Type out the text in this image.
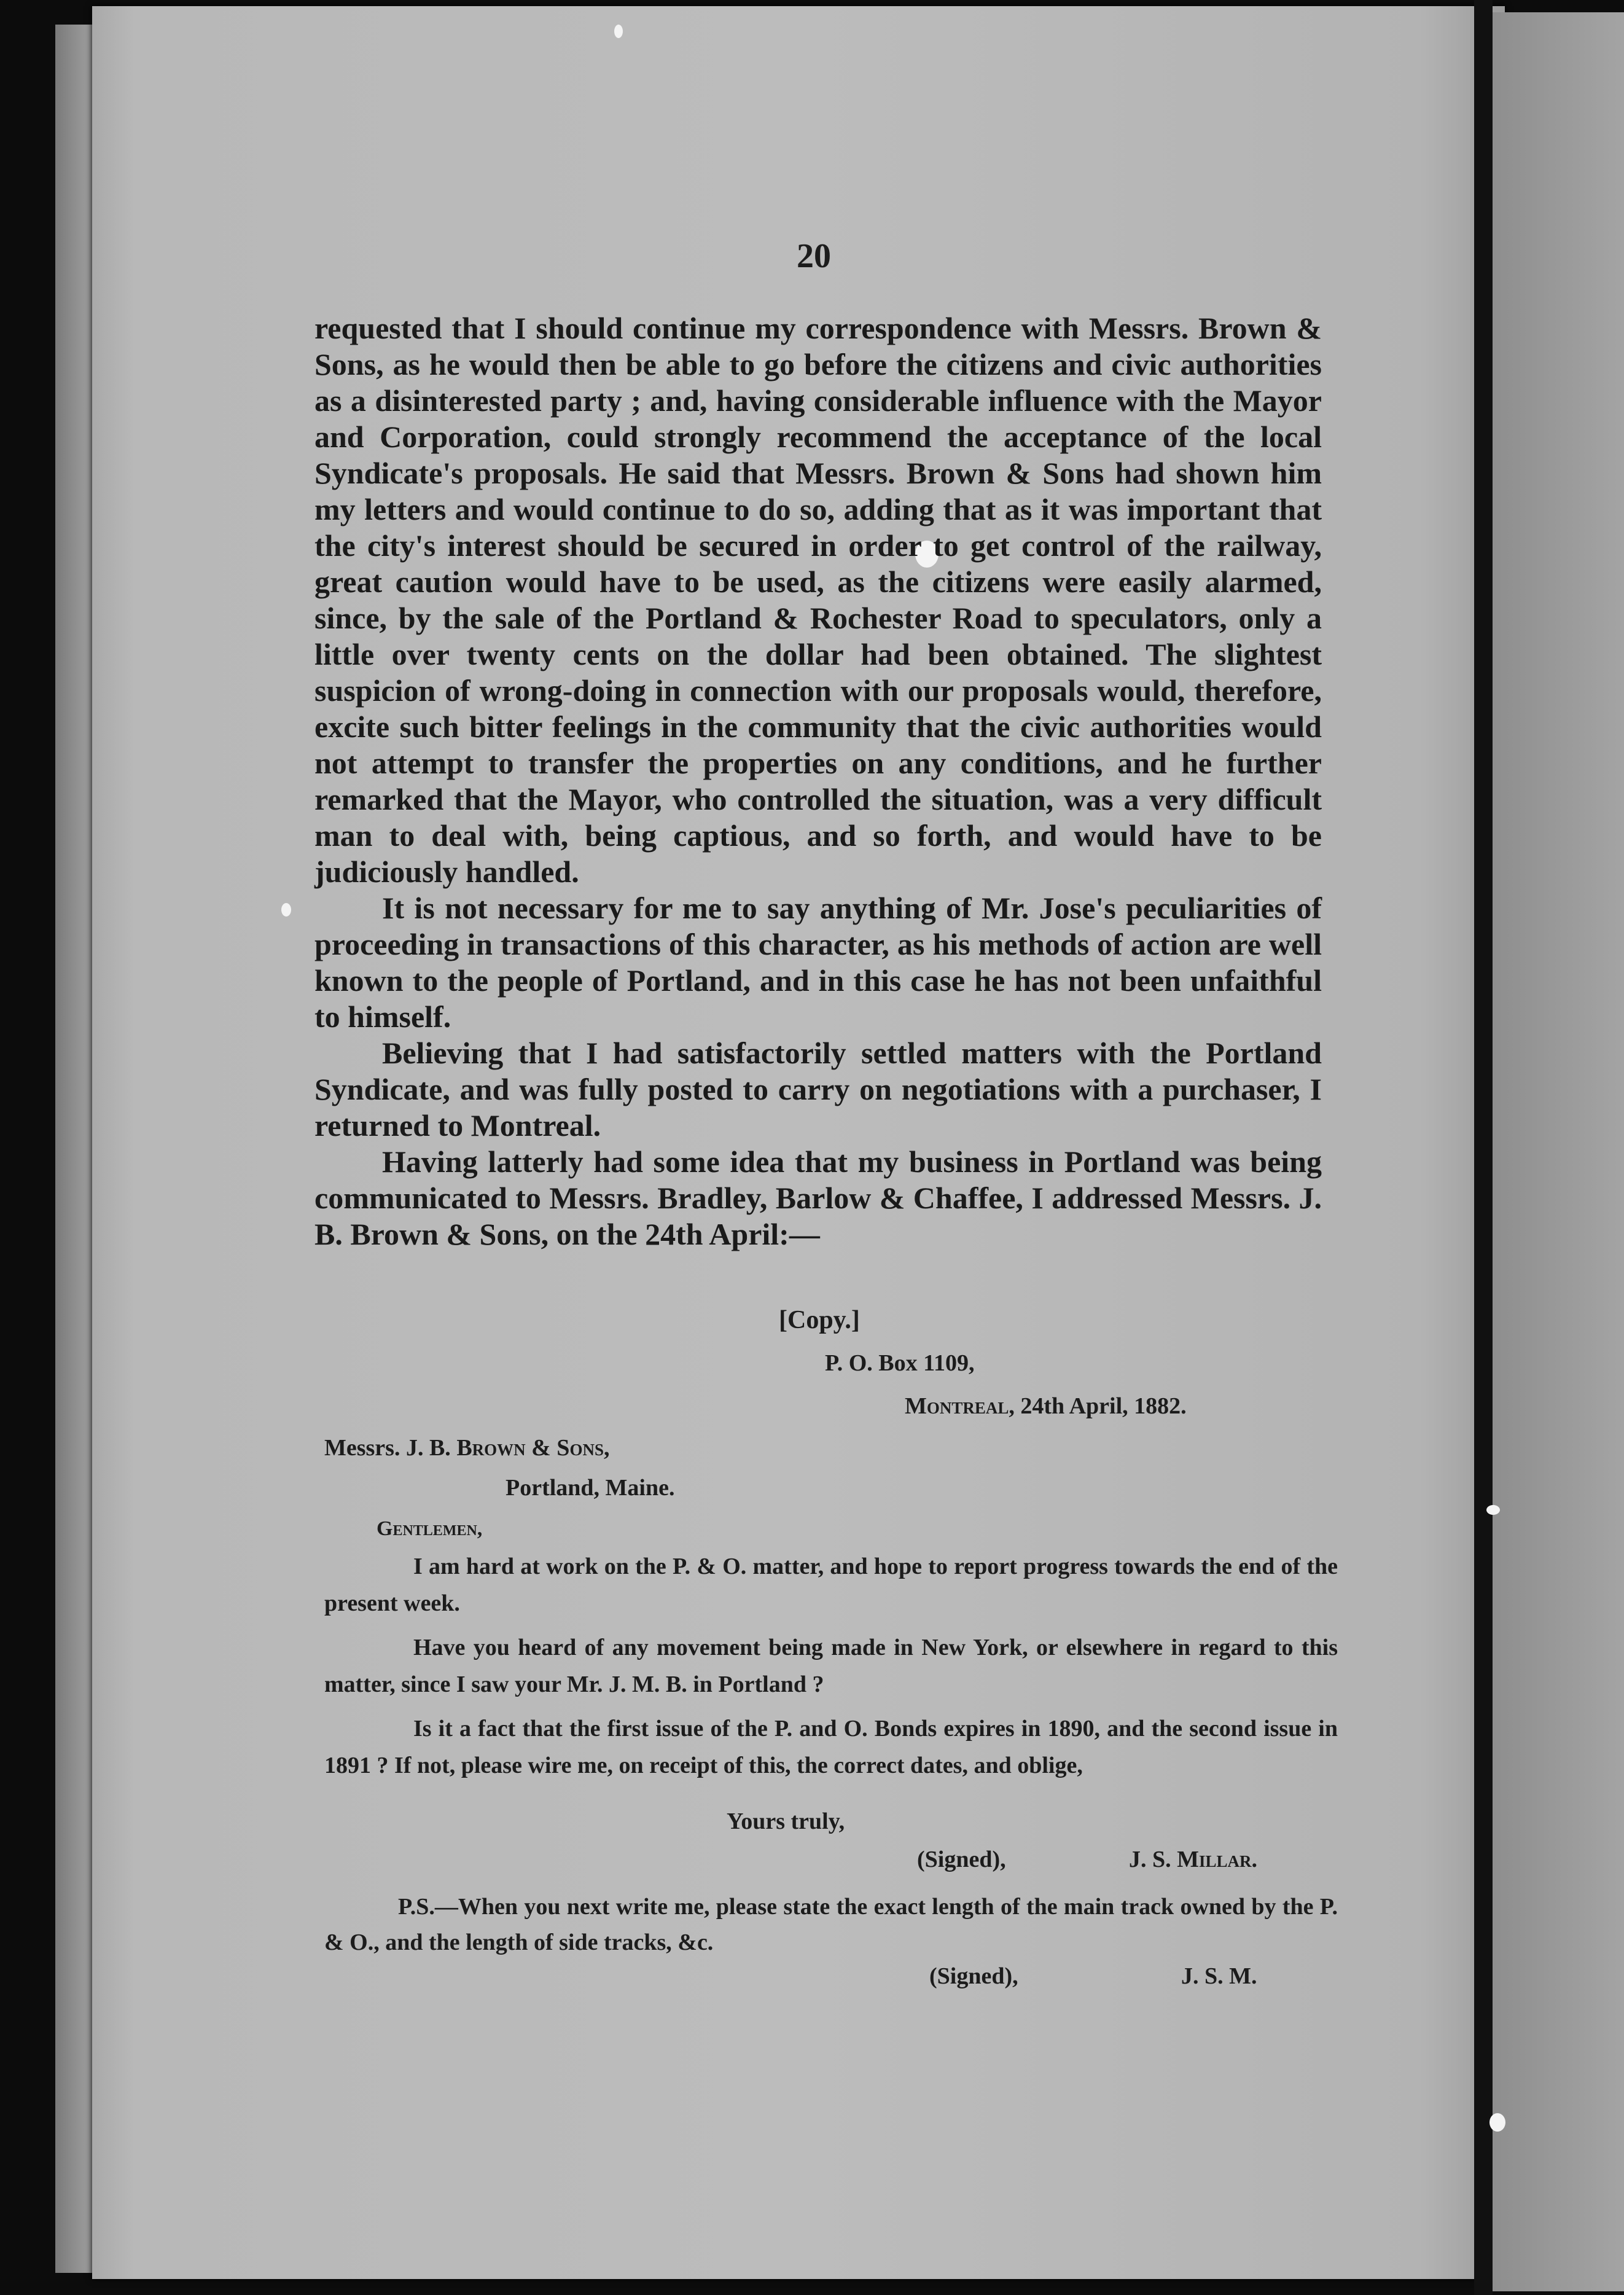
20

requested that I should continue my correspondence with Messrs. Brown & Sons, as he would then be able to go before the citizens and civic authorities as a disinterested party ; and, having considerable influence with the Mayor and Corporation, could strongly recommend the acceptance of the local Syndicate's proposals. He said that Messrs. Brown & Sons had shown him my letters and would continue to do so, adding that as it was important that the city's interest should be secured in order to get control of the railway, great caution would have to be used, as the citizens were easily alarmed, since, by the sale of the Portland & Rochester Road to speculators, only a little over twenty cents on the dollar had been obtained. The slightest suspicion of wrong-doing in connection with our proposals would, therefore, excite such bitter feelings in the community that the civic authorities would not attempt to transfer the properties on any conditions, and he further remarked that the Mayor, who controlled the situation, was a very difficult man to deal with, being captious, and so forth, and would have to be judiciously handled.

It is not necessary for me to say anything of Mr. Jose's peculiarities of proceeding in transactions of this character, as his methods of action are well known to the people of Portland, and in this case he has not been unfaithful to himself.

Believing that I had satisfactorily settled matters with the Portland Syndicate, and was fully posted to carry on negotiations with a purchaser, I returned to Montreal.

Having latterly had some idea that my business in Portland was being communicated to Messrs. Bradley, Barlow & Chaffee, I addressed Messrs. J. B. Brown & Sons, on the 24th April:—

[Copy.]
P. O. Box 1109,
Montreal, 24th April, 1882.
Messrs. J. B. Brown & Sons,
Portland, Maine.
Gentlemen,

I am hard at work on the P. & O. matter, and hope to report progress towards the end of the present week.

Have you heard of any movement being made in New York, or elsewhere in regard to this matter, since I saw your Mr. J. M. B. in Portland ?

Is it a fact that the first issue of the P. and O. Bonds expires in 1890, and the second issue in 1891 ? If not, please wire me, on receipt of this, the correct dates, and oblige,

Yours truly,
(Signed),	J. S. Millar.

P.S.—When you next write me, please state the exact length of the main track owned by the P. & O., and the length of side tracks, &c.

(Signed),	J. S. M.
